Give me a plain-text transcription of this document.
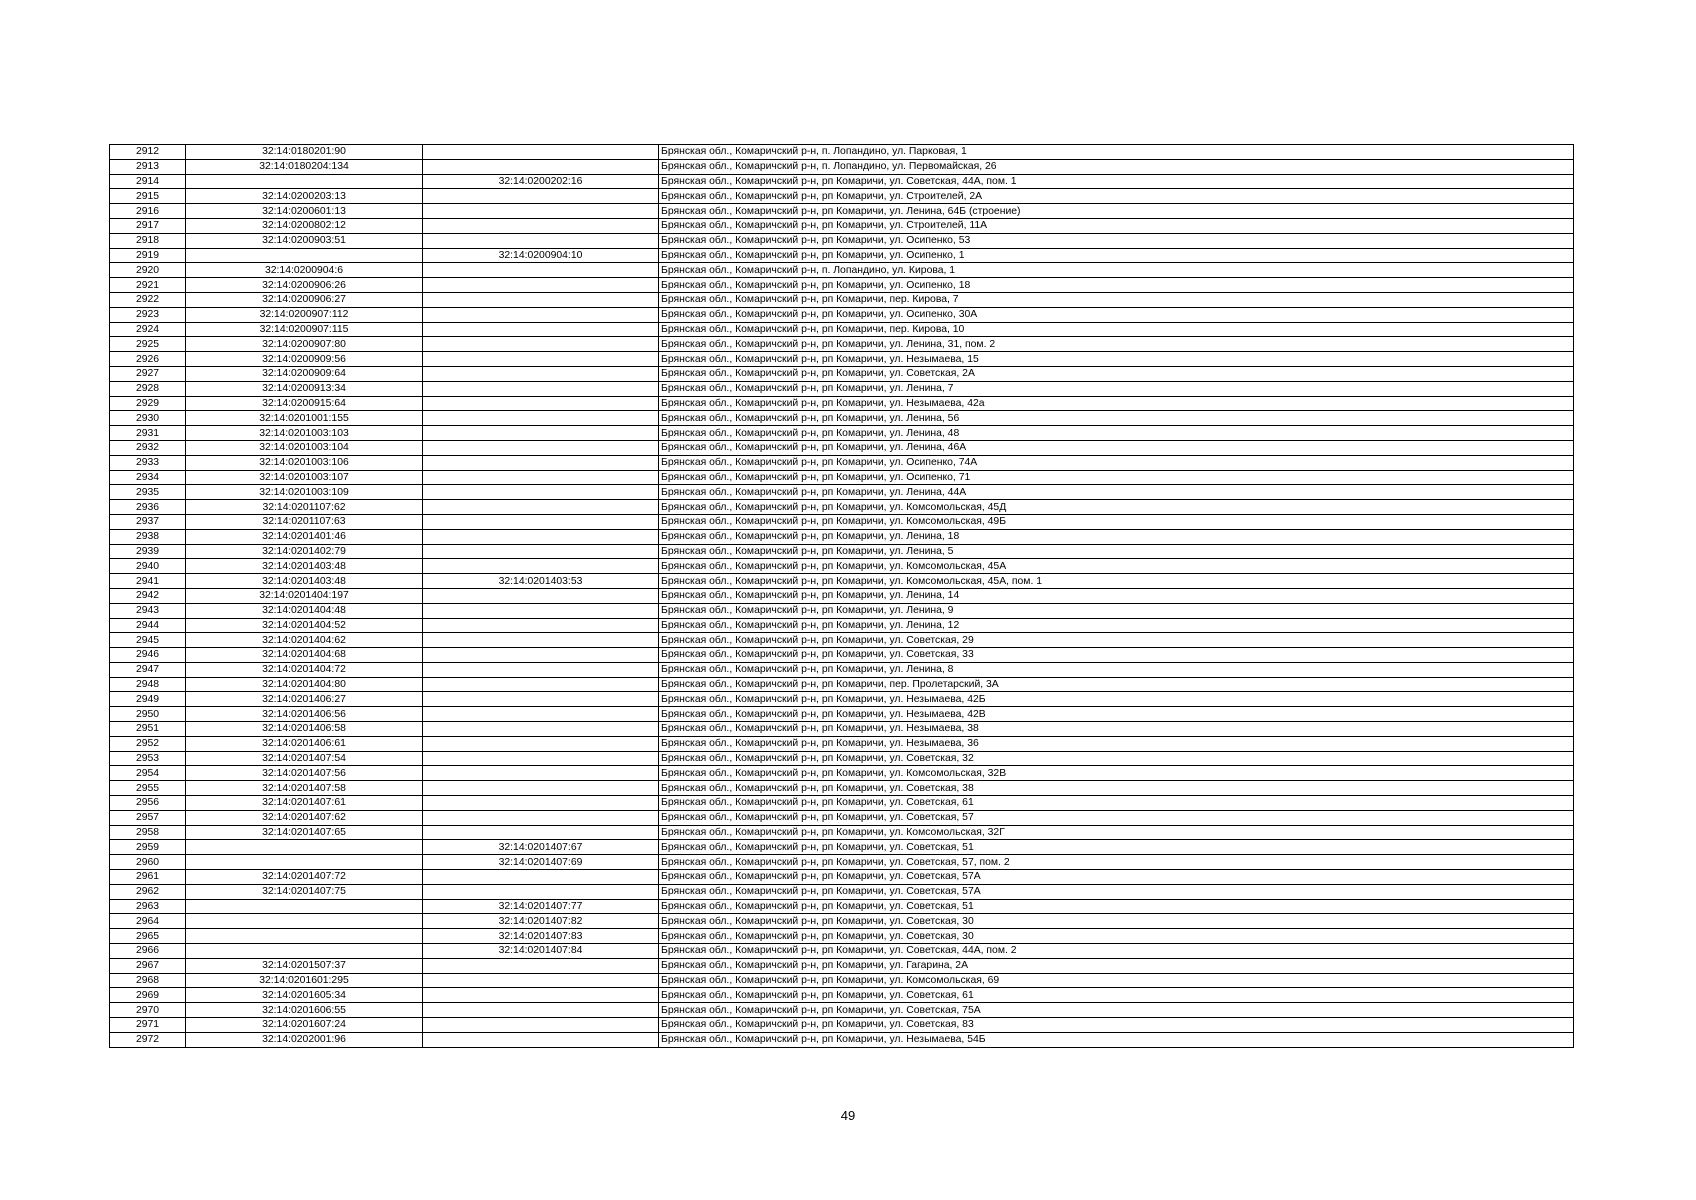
2912	32:14:0180201:90		Брянская обл., Комаричский р-н, п. Лопандино, ул. Парковая, 1
2913	32:14:0180204:134		Брянская обл., Комаричский р-н, п. Лопандино, ул. Первомайская, 26
2914		32:14:0200202:16	Брянская обл., Комаричский р-н, рп Комаричи, ул. Советская, 44А, пом. 1
2915	32:14:0200203:13		Брянская обл., Комаричский р-н, рп Комаричи, ул. Строителей, 2А
2916	32:14:0200601:13		Брянская обл., Комаричский р-н, рп Комаричи, ул. Ленина, 64Б (строение)
2917	32:14:0200802:12		Брянская обл., Комаричский р-н, рп Комаричи, ул. Строителей, 11А
2918	32:14:0200903:51		Брянская обл., Комаричский р-н, рп Комаричи, ул. Осипенко, 53
2919		32:14:0200904:10	Брянская обл., Комаричский р-н, рп Комаричи, ул. Осипенко, 1
2920	32:14:0200904:6		Брянская обл., Комаричский р-н, п. Лопандино, ул. Кирова, 1
2921	32:14:0200906:26		Брянская обл., Комаричский р-н, рп Комаричи, ул. Осипенко, 18
2922	32:14:0200906:27		Брянская обл., Комаричский р-н, рп Комаричи, пер. Кирова, 7
2923	32:14:0200907:112		Брянская обл., Комаричский р-н, рп Комаричи, ул. Осипенко, 30А
2924	32:14:0200907:115		Брянская обл., Комаричский р-н, рп Комаричи, пер. Кирова, 10
2925	32:14:0200907:80		Брянская обл., Комаричский р-н, рп Комаричи, ул. Ленина, 31, пом. 2
2926	32:14:0200909:56		Брянская обл., Комаричский р-н, рп Комаричи, ул. Незымаева, 15
2927	32:14:0200909:64		Брянская обл., Комаричский р-н, рп Комаричи, ул. Советская, 2А
2928	32:14:0200913:34		Брянская обл., Комаричский р-н, рп Комаричи, ул. Ленина, 7
2929	32:14:0200915:64		Брянская обл., Комаричский р-н, рп Комаричи, ул. Незымаева, 42а
2930	32:14:0201001:155		Брянская обл., Комаричский р-н, рп Комаричи, ул. Ленина, 56
2931	32:14:0201003:103		Брянская обл., Комаричский р-н, рп Комаричи, ул. Ленина, 48
2932	32:14:0201003:104		Брянская обл., Комаричский р-н, рп Комаричи, ул. Ленина, 46А
2933	32:14:0201003:106		Брянская обл., Комаричский р-н, рп Комаричи, ул. Осипенко, 74А
2934	32:14:0201003:107		Брянская обл., Комаричский р-н, рп Комаричи, ул. Осипенко, 71
2935	32:14:0201003:109		Брянская обл., Комаричский р-н, рп Комаричи, ул. Ленина, 44А
2936	32:14:0201107:62		Брянская обл., Комаричский р-н, рп Комаричи, ул. Комсомольская, 45Д
2937	32:14:0201107:63		Брянская обл., Комаричский р-н, рп Комаричи, ул. Комсомольская, 49Б
2938	32:14:0201401:46		Брянская обл., Комаричский р-н, рп Комаричи, ул. Ленина, 18
2939	32:14:0201402:79		Брянская обл., Комаричский р-н, рп Комаричи, ул. Ленина, 5
2940	32:14:0201403:48		Брянская обл., Комаричский р-н, рп Комаричи, ул. Комсомольская, 45А
2941	32:14:0201403:48	32:14:0201403:53	Брянская обл., Комаричский р-н, рп Комаричи, ул. Комсомольская, 45А, пом. 1
2942	32:14:0201404:197		Брянская обл., Комаричский р-н, рп Комаричи, ул. Ленина, 14
2943	32:14:0201404:48		Брянская обл., Комаричский р-н, рп Комаричи, ул. Ленина, 9
2944	32:14:0201404:52		Брянская обл., Комаричский р-н, рп Комаричи, ул. Ленина, 12
2945	32:14:0201404:62		Брянская обл., Комаричский р-н, рп Комаричи, ул. Советская, 29
2946	32:14:0201404:68		Брянская обл., Комаричский р-н, рп Комаричи, ул. Советская, 33
2947	32:14:0201404:72		Брянская обл., Комаричский р-н, рп Комаричи, ул. Ленина, 8
2948	32:14:0201404:80		Брянская обл., Комаричский р-н, рп Комаричи, пер. Пролетарский, 3А
2949	32:14:0201406:27		Брянская обл., Комаричский р-н, рп Комаричи, ул. Незымаева, 42Б
2950	32:14:0201406:56		Брянская обл., Комаричский р-н, рп Комаричи, ул. Незымаева, 42В
2951	32:14:0201406:58		Брянская обл., Комаричский р-н, рп Комаричи, ул. Незымаева, 38
2952	32:14:0201406:61		Брянская обл., Комаричский р-н, рп Комаричи, ул. Незымаева, 36
2953	32:14:0201407:54		Брянская обл., Комаричский р-н, рп Комаричи, ул. Советская, 32
2954	32:14:0201407:56		Брянская обл., Комаричский р-н, рп Комаричи, ул. Комсомольская, 32В
2955	32:14:0201407:58		Брянская обл., Комаричский р-н, рп Комаричи, ул. Советская, 38
2956	32:14:0201407:61		Брянская обл., Комаричский р-н, рп Комаричи, ул. Советская, 61
2957	32:14:0201407:62		Брянская обл., Комаричский р-н, рп Комаричи, ул. Советская, 57
2958	32:14:0201407:65		Брянская обл., Комаричский р-н, рп Комаричи, ул. Комсомольская, 32Г
2959		32:14:0201407:67	Брянская обл., Комаричский р-н, рп Комаричи, ул. Советская, 51
2960		32:14:0201407:69	Брянская обл., Комаричский р-н, рп Комаричи, ул. Советская, 57, пом. 2
2961	32:14:0201407:72		Брянская обл., Комаричский р-н, рп Комаричи, ул. Советская, 57А
2962	32:14:0201407:75		Брянская обл., Комаричский р-н, рп Комаричи, ул. Советская, 57А
2963		32:14:0201407:77	Брянская обл., Комаричский р-н, рп Комаричи, ул. Советская, 51
2964		32:14:0201407:82	Брянская обл., Комаричский р-н, рп Комаричи, ул. Советская, 30
2965		32:14:0201407:83	Брянская обл., Комаричский р-н, рп Комаричи, ул. Советская, 30
2966		32:14:0201407:84	Брянская обл., Комаричский р-н, рп Комаричи, ул. Советская, 44А, пом. 2
2967	32:14:0201507:37		Брянская обл., Комаричский р-н, рп Комаричи, ул. Гагарина, 2А
2968	32:14:0201601:295		Брянская обл., Комаричский р-н, рп Комаричи, ул. Комсомольская, 69
2969	32:14:0201605:34		Брянская обл., Комаричский р-н, рп Комаричи, ул. Советская, 61
2970	32:14:0201606:55		Брянская обл., Комаричский р-н, рп Комаричи, ул. Советская, 75А
2971	32:14:0201607:24		Брянская обл., Комаричский р-н, рп Комаричи, ул. Советская, 83
2972	32:14:0202001:96		Брянская обл., Комаричский р-н, рп Комаричи, ул. Незымаева, 54Б
49
